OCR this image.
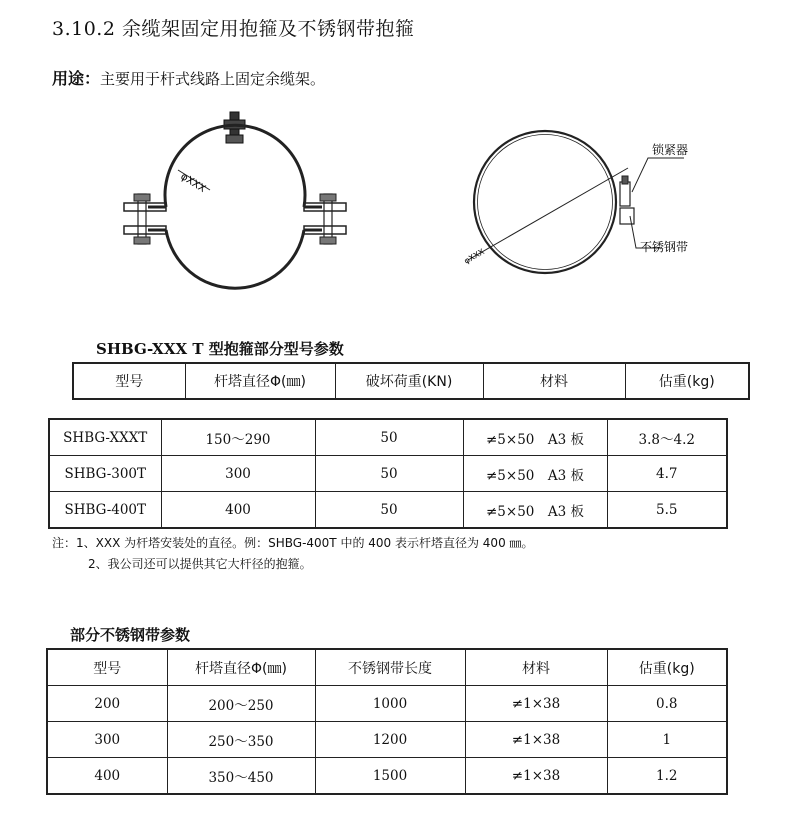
3.10.2 余缆架固定用抱箍及不锈钢带抱箍
用途：主要用于杆式线路上固定余缆架。
φXXX
φXXX
锁紧器
不锈钢带
SHBG-XXX T 型抱箍部分型号参数
型号	杆塔直径Φ(㎜)	破坏荷重(KN)	材料	估重(kg)
SHBG-XXXT	150～290	50	≠5×50　A3 板	3.8～4.2
SHBG-300T	300	50	≠5×50　A3 板	4.7
SHBG-400T	400	50	≠5×50　A3 板	5.5
注：1、XXX 为杆塔安装处的直径。例：SHBG-400T 中的 400 表示杆塔直径为 400 ㎜。
2、我公司还可以提供其它大杆径的抱箍。
部分不锈钢带参数
型号	杆塔直径Φ(㎜)	不锈钢带长度	材料	估重(kg)
200	200～250	1000	≠1×38	0.8
300	250～350	1200	≠1×38	1
400	350～450	1500	≠1×38	1.2
